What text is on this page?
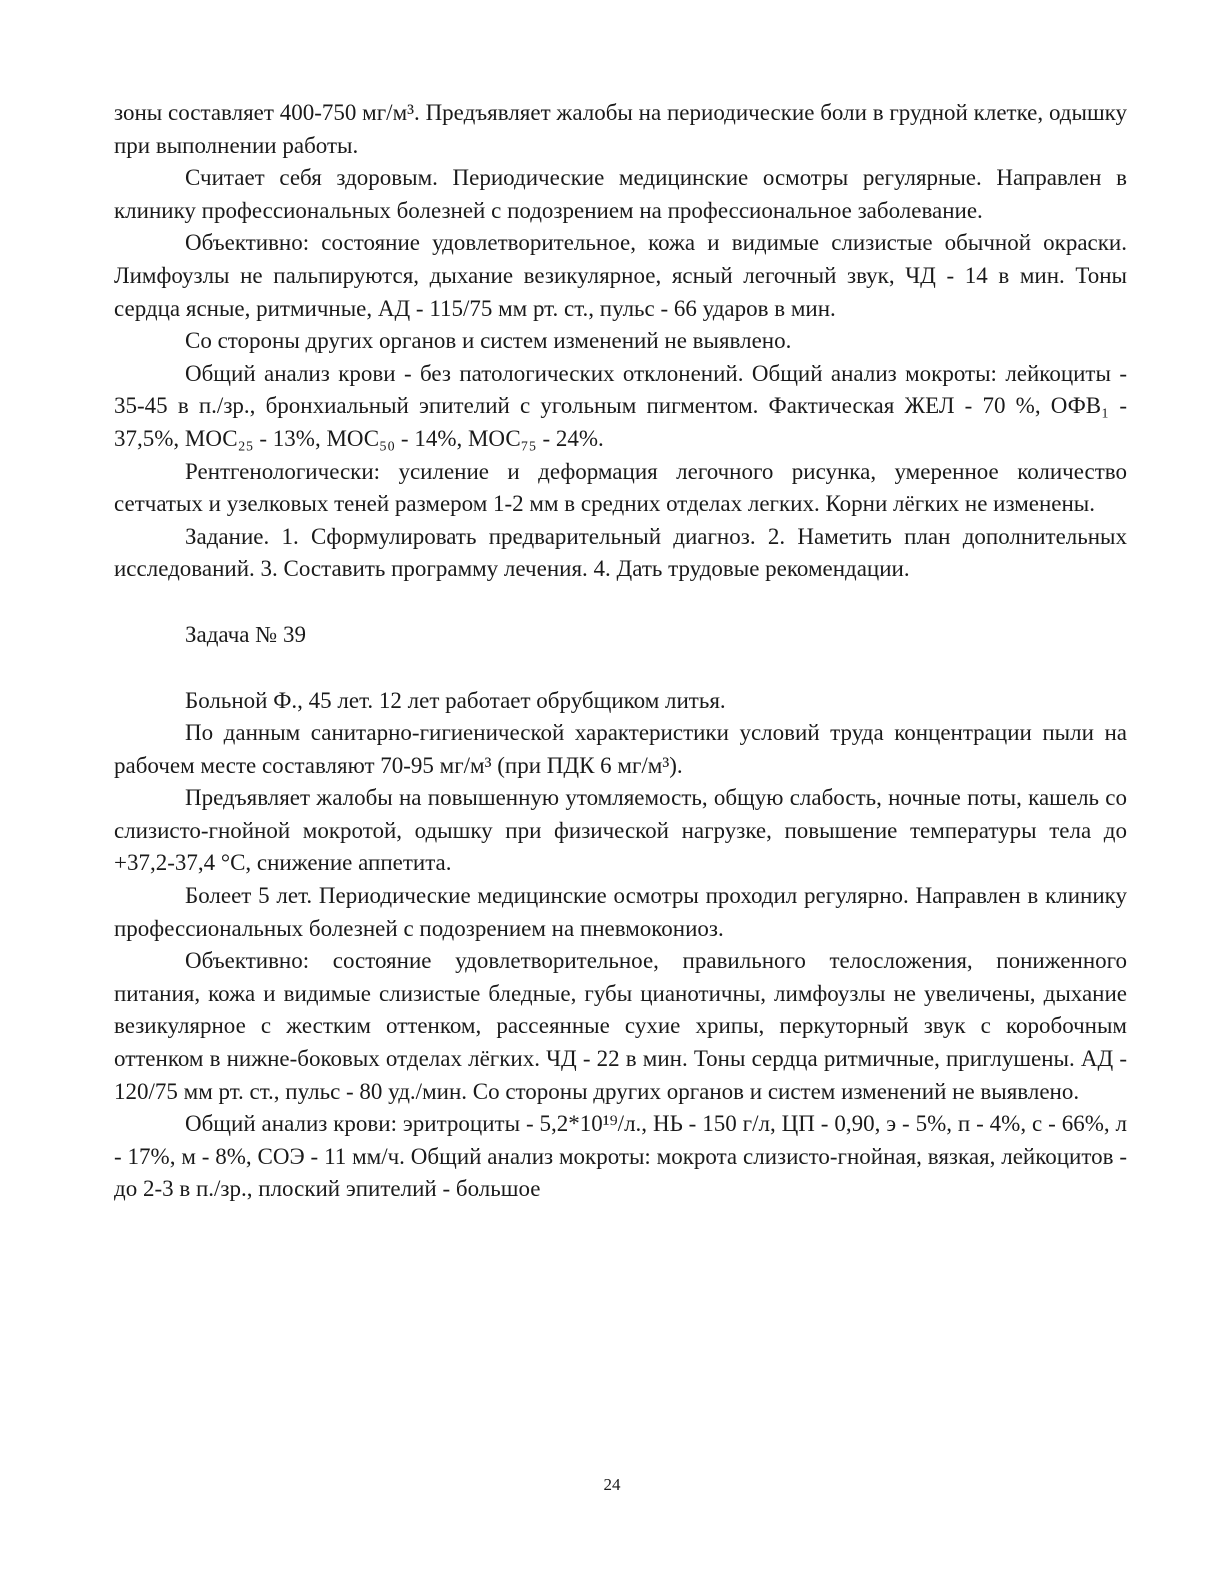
зоны составляет 400-750 мг/м³. Предъявляет жалобы на периодические боли в грудной клетке, одышку при выполнении работы.

Считает себя здоровым. Периодические медицинские осмотры регулярные. Направлен в клинику профессиональных болезней с подозрением на профессиональное заболевание.

Объективно: состояние удовлетворительное, кожа и видимые слизистые обычной окраски. Лимфоузлы не пальпируются, дыхание везикулярное, ясный легочный звук, ЧД - 14 в мин. Тоны сердца ясные, ритмичные, АД - 115/75 мм рт. ст., пульс - 66 ударов в мин.

Со стороны других органов и систем изменений не выявлено.

Общий анализ крови - без патологических отклонений. Общий анализ мокроты: лейкоциты - 35-45 в п./зр., бронхиальный эпителий с угольным пигментом. Фактическая ЖЕЛ - 70 %, ОФВ₁ - 37,5%, МОС₂₅ - 13%, МОС₅₀ - 14%, МОС₇₅ - 24%.

Рентгенологически: усиление и деформация легочного рисунка, умеренное количество сетчатых и узелковых теней размером 1-2 мм в средних отделах легких. Корни лёгких не изменены.

Задание. 1. Сформулировать предварительный диагноз. 2. Наметить план дополнительных исследований. 3. Составить программу лечения. 4. Дать трудовые рекомендации.

Задача № 39

Больной Ф., 45 лет. 12 лет работает обрубщиком литья.

По данным санитарно-гигиенической характеристики условий труда концентрации пыли на рабочем месте составляют 70-95 мг/м³ (при ПДК 6 мг/м³).

Предъявляет жалобы на повышенную утомляемость, общую слабость, ночные поты, кашель со слизисто-гнойной мокротой, одышку при физической нагрузке, повышение температуры тела до +37,2-37,4 °С, снижение аппетита.

Болеет 5 лет. Периодические медицинские осмотры проходил регулярно. Направлен в клинику профессиональных болезней с подозрением на пневмокониоз.

Объективно: состояние удовлетворительное, правильного телосложения, пониженного питания, кожа и видимые слизистые бледные, губы цианотичны, лимфоузлы не увеличены, дыхание везикулярное с жестким оттенком, рассеянные сухие хрипы, перкуторный звук с коробочным оттенком в нижне-боковых отделах лёгких. ЧД - 22 в мин. Тоны сердца ритмичные, приглушены. АД - 120/75 мм рт. ст., пульс - 80 уд./мин. Со стороны других органов и систем изменений не выявлено.

Общий анализ крови: эритроциты - 5,2*10¹⁹/л., НЬ - 150 г/л, ЦП - 0,90, э - 5%, п - 4%, с - 66%, л - 17%, м - 8%, СОЭ - 11 мм/ч. Общий анализ мокроты: мокрота слизисто-гнойная, вязкая, лейкоцитов - до 2-3 в п./зр., плоский эпителий - большое

24
